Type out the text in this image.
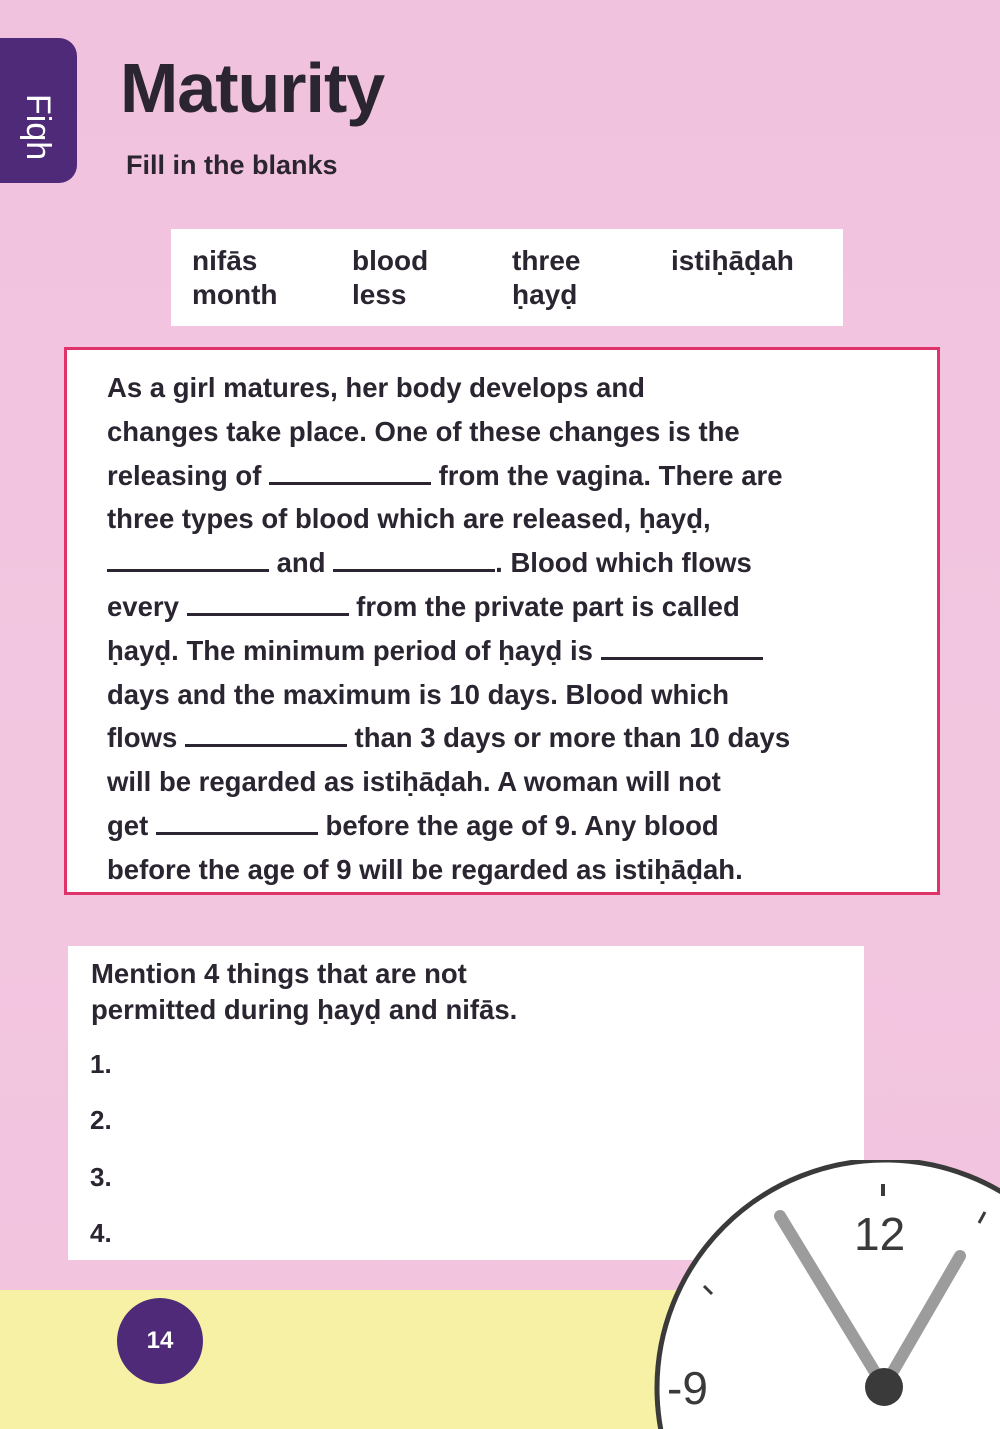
Fiqh
Maturity
Fill in the blanks
nifās	blood	three	istiḥāḍah
month	less	ḥayḍ
As a girl matures, her body develops and
changes take place. One of these changes is the
releasing of	from the vagina. There are
three types of blood which are released, ḥayḍ,
and	. Blood which flows
every	from the private part is called
ḥayḍ. The minimum period of ḥayḍ is
days and the maximum is 10 days. Blood which
flows	than 3 days or more than 10 days
will be regarded as istiḥāḍah. A woman will not
get	before the age of 9. Any blood
before the age of 9 will be regarded as istiḥāḍah.
Mention 4 things that are not
permitted during ḥayḍ and nifās.
1.
2.
3.
4.
14
12
-9
